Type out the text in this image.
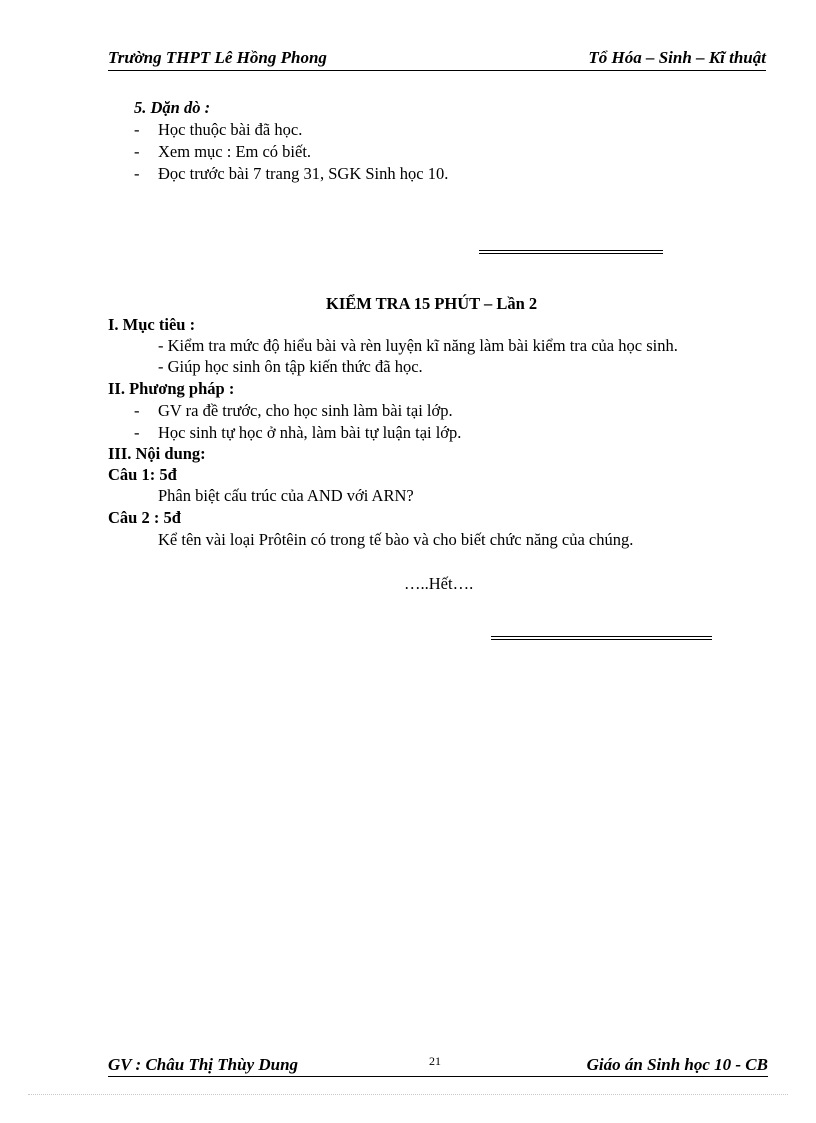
Trường THPT Lê Hồng Phong	Tổ Hóa – Sinh – Kĩ thuật
5. Dặn dò :
- Học thuộc bài đã học.
- Xem mục : Em có biết.
- Đọc trước bài 7 trang 31, SGK Sinh học 10.
KIỂM TRA 15 PHÚT – Lần 2
I. Mục tiêu :
- Kiểm tra mức độ hiểu bài và rèn luyện kĩ năng làm bài kiểm tra của học sinh.
- Giúp học sinh ôn tập kiến thức đã học.
II. Phương pháp :
- GV ra đề trước, cho học sinh làm bài tại lớp.
- Học sinh tự học ở nhà, làm bài tự luận tại lớp.
III. Nội dung:
Câu 1: 5đ
Phân biệt cấu trúc của AND với ARN?
Câu 2 : 5đ
Kể tên vài loại Prôtêin có trong tế bào và cho biết chức năng của chúng.
…..Hết….
GV : Châu Thị Thùy Dung	21	Giáo án Sinh học 10 - CB
